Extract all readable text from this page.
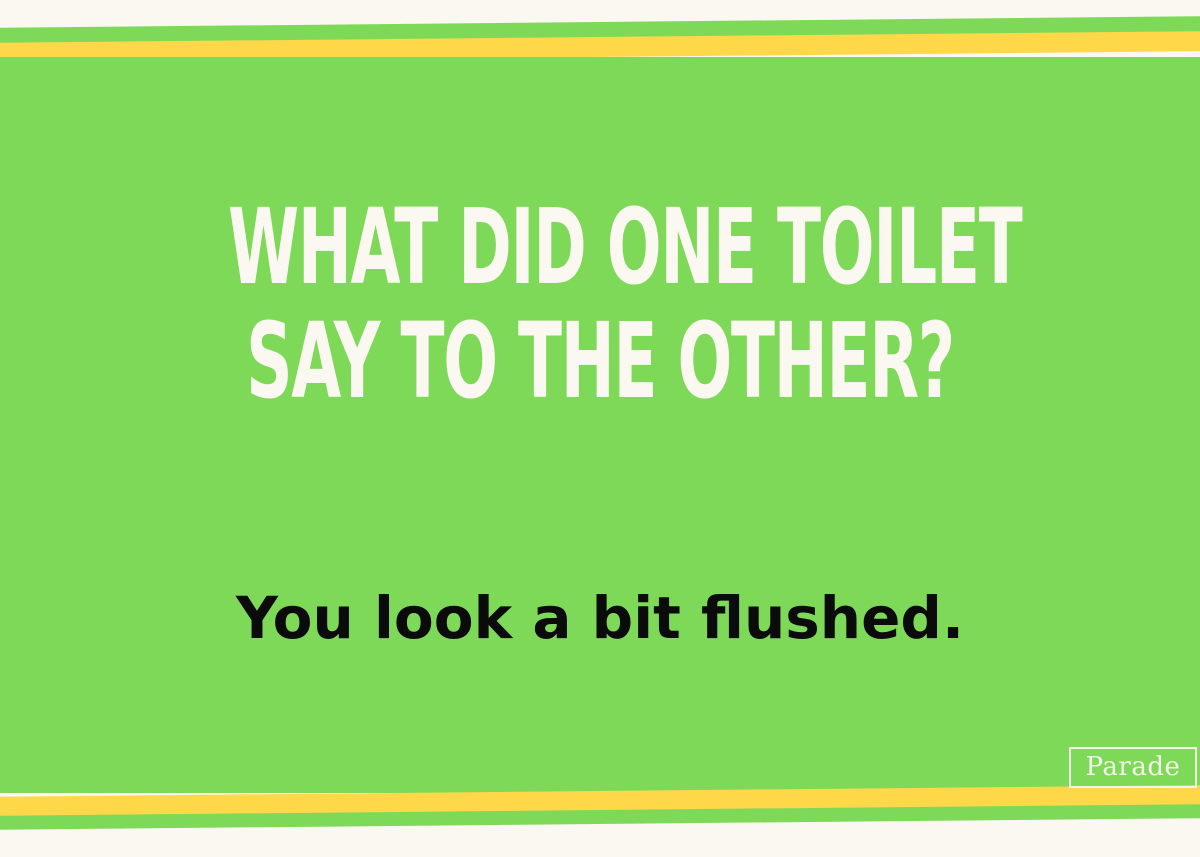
WHAT DID ONE TOILET
SAY TO THE OTHER?

You look a bit flushed.

Parade
